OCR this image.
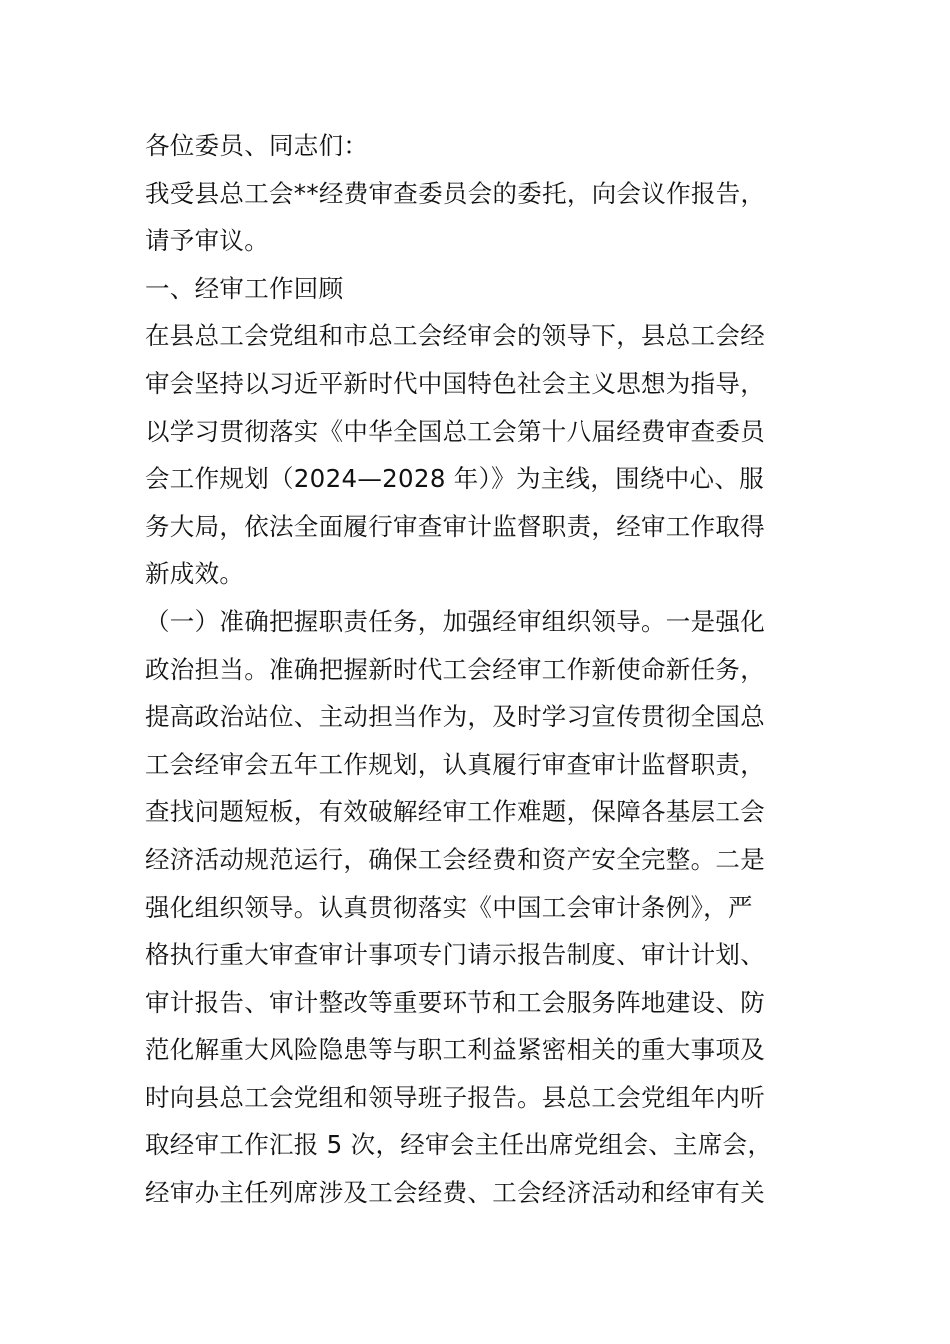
各位委员、同志们：
我受县总工会**经费审查委员会的委托，向会议作报告，
请予审议。
一、经审工作回顾
在县总工会党组和市总工会经审会的领导下，县总工会经
审会坚持以习近平新时代中国特色社会主义思想为指导，
以学习贯彻落实《中华全国总工会第十八届经费审查委员
会工作规划（2024—2028 年）》为主线，围绕中心、服
务大局，依法全面履行审查审计监督职责，经审工作取得
新成效。
（一）准确把握职责任务，加强经审组织领导。一是强化
政治担当。准确把握新时代工会经审工作新使命新任务，
提高政治站位、主动担当作为，及时学习宣传贯彻全国总
工会经审会五年工作规划，认真履行审查审计监督职责，
查找问题短板，有效破解经审工作难题，保障各基层工会
经济活动规范运行，确保工会经费和资产安全完整。二是
强化组织领导。认真贯彻落实《中国工会审计条例》，严
格执行重大审查审计事项专门请示报告制度、审计计划、
审计报告、审计整改等重要环节和工会服务阵地建设、防
范化解重大风险隐患等与职工利益紧密相关的重大事项及
时向县总工会党组和领导班子报告。县总工会党组年内听
取经审工作汇报 5 次，经审会主任出席党组会、主席会，
经审办主任列席涉及工会经费、工会经济活动和经审有关
